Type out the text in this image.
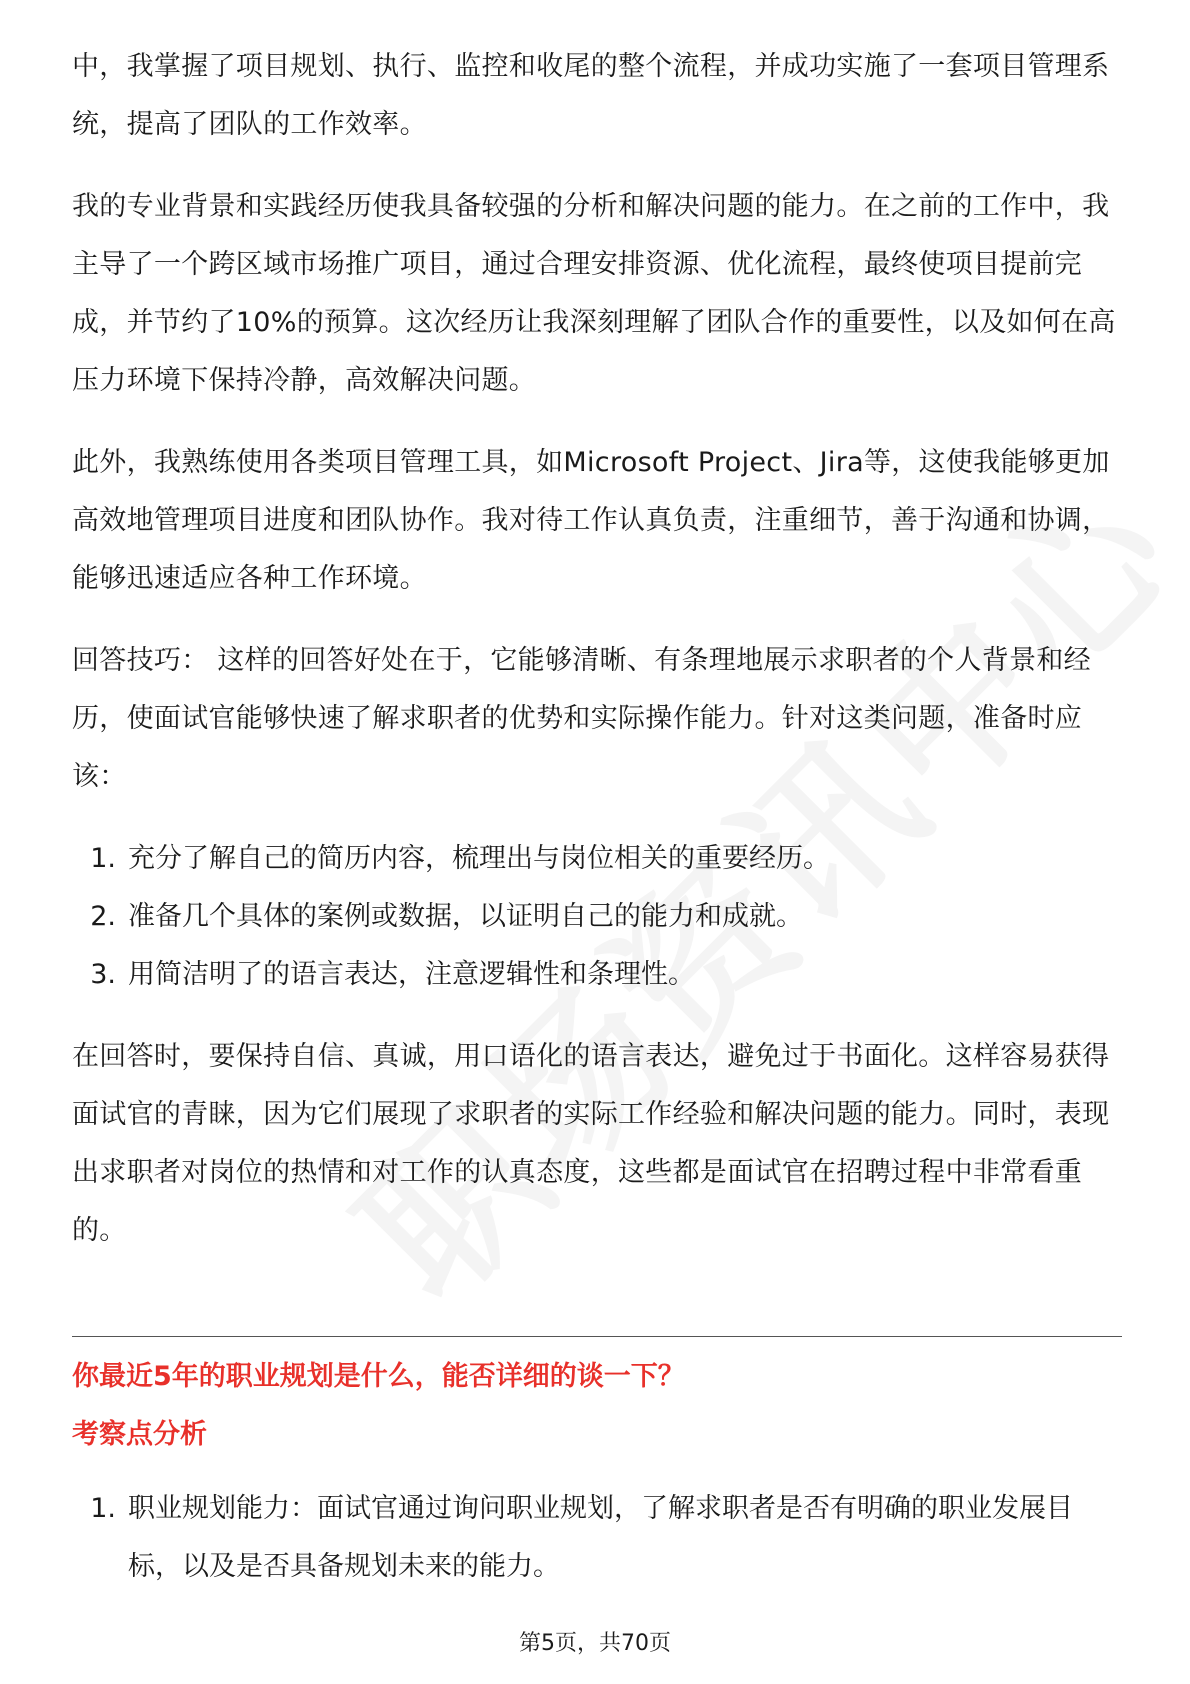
中，我掌握了项目规划、执行、监控和收尾的整个流程，并成功实施了一套项目管理系统，提高了团队的工作效率。

我的专业背景和实践经历使我具备较强的分析和解决问题的能力。在之前的工作中，我主导了一个跨区域市场推广项目，通过合理安排资源、优化流程，最终使项目提前完成，并节约了10%的预算。这次经历让我深刻理解了团队合作的重要性，以及如何在高压力环境下保持冷静，高效解决问题。

此外，我熟练使用各类项目管理工具，如Microsoft Project、Jira等，这使我能够更加高效地管理项目进度和团队协作。我对待工作认真负责，注重细节，善于沟通和协调，能够迅速适应各种工作环境。

回答技巧： 这样的回答好处在于，它能够清晰、有条理地展示求职者的个人背景和经历，使面试官能够快速了解求职者的优势和实际操作能力。针对这类问题，准备时应该：

1. 充分了解自己的简历内容，梳理出与岗位相关的重要经历。
2. 准备几个具体的案例或数据，以证明自己的能力和成就。
3. 用简洁明了的语言表达，注意逻辑性和条理性。

在回答时，要保持自信、真诚，用口语化的语言表达，避免过于书面化。这样容易获得面试官的青睐，因为它们展现了求职者的实际工作经验和解决问题的能力。同时，表现出求职者对岗位的热情和对工作的认真态度，这些都是面试官在招聘过程中非常看重的。

你最近5年的职业规划是什么，能否详细的谈一下？
考察点分析
1. 职业规划能力：面试官通过询问职业规划，了解求职者是否有明确的职业发展目标，以及是否具备规划未来的能力。
第5页，共70页
